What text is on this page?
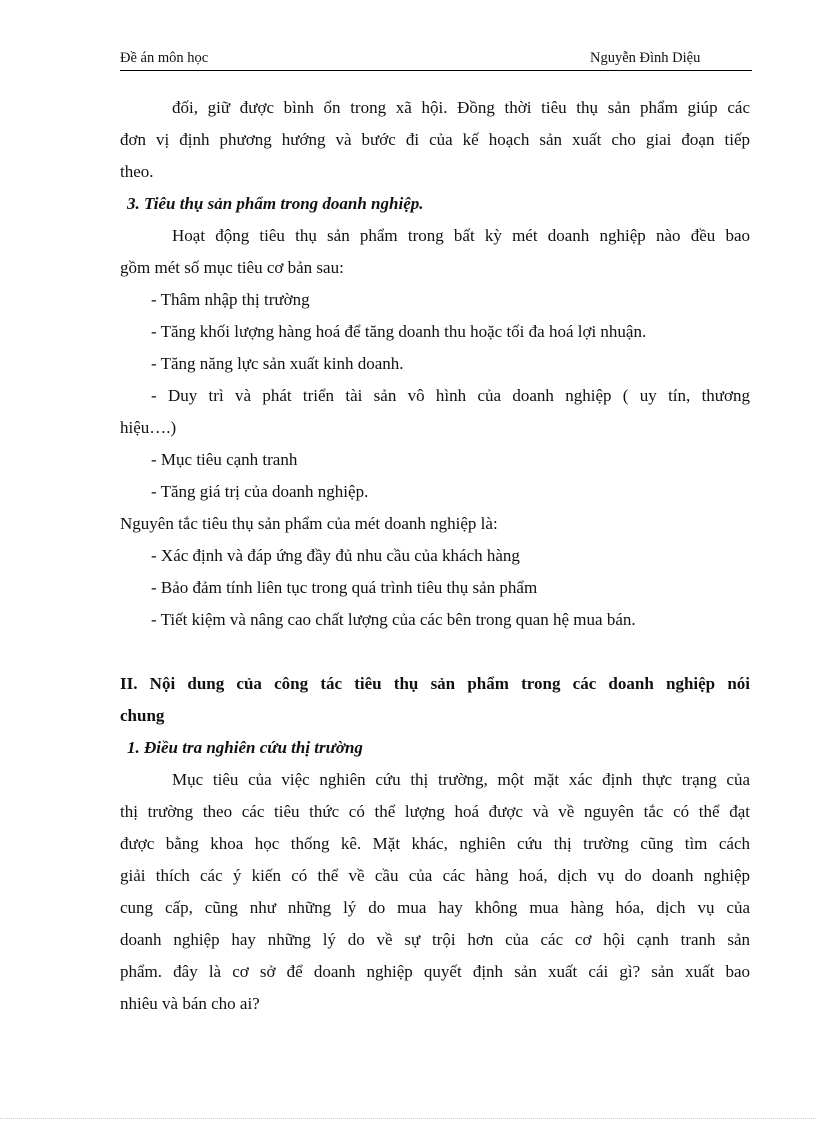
Đề án môn học	Nguyễn Đình Diệu
đối, giữ được bình ổn trong xã hội. Đồng thời tiêu thụ sản phẩm giúp các
đơn vị định phương hướng và bước đi của kế hoạch sản xuất cho giai đoạn tiếp
theo.
3. Tiêu thụ sản phẩm trong doanh nghiệp.
Hoạt động tiêu thụ sản phẩm trong bất kỳ mét doanh nghiệp nào đều bao
gồm mét số mục tiêu cơ bản sau:
- Thâm nhập thị trường
- Tăng khối lượng hàng hoá để tăng doanh thu hoặc tối đa hoá lợi nhuận.
- Tăng năng lực sản xuất kinh doanh.
- Duy trì và phát triển tài sản vô hình của doanh nghiệp ( uy tín, thương
hiệu….)
- Mục tiêu cạnh tranh
- Tăng giá trị của doanh nghiệp.
Nguyên tắc tiêu thụ sản phẩm của mét doanh nghiệp là:
- Xác định và đáp ứng đầy đủ nhu cầu của khách hàng
- Bảo đảm tính liên tục trong quá trình tiêu thụ sản phẩm
- Tiết kiệm và nâng cao chất lượng của các bên trong quan hệ mua bán.
II. Nội dung của công tác tiêu thụ sản phẩm trong các doanh nghiệp nói
chung
1. Điều tra nghiên cứu thị trường
Mục tiêu của việc nghiên cứu thị trường, một mặt xác định thực trạng của
thị trường theo các tiêu thức có thể lượng hoá được và về nguyên tắc có thể đạt
được bằng khoa học thống kê. Mặt khác, nghiên cứu thị trường cũng tìm cách
giải thích các ý kiến có thể về cầu của các hàng hoá, dịch vụ do doanh nghiệp
cung cấp, cũng như những lý do mua hay không mua hàng hóa, dịch vụ của
doanh nghiệp hay những lý do về sự trội hơn của các cơ hội cạnh tranh sản
phẩm. đây là cơ sở để doanh nghiệp quyết định sản xuất cái gì? sản xuất bao
nhiêu và bán cho ai?
